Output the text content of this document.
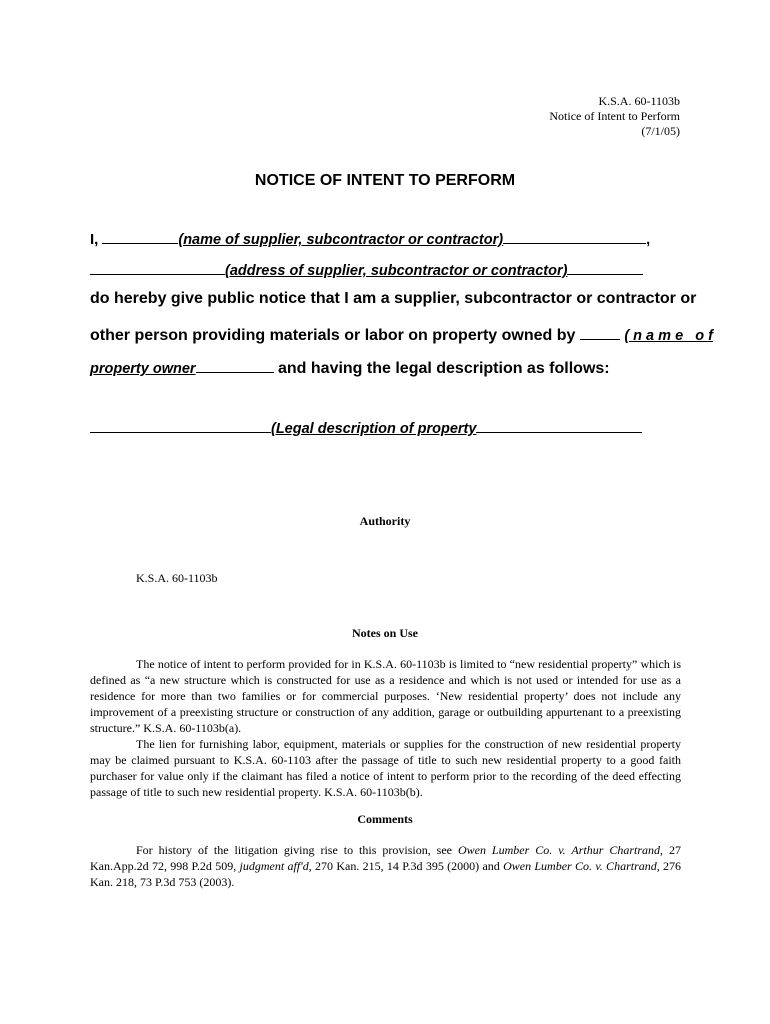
K.S.A. 60-1103b
Notice of Intent to Perform
(7/1/05)
NOTICE OF INTENT TO PERFORM
I,	(name of supplier, subcontractor or contractor)	,
(address of supplier, subcontractor or contractor)
do hereby give public notice that I am a supplier, subcontractor or contractor or
other person providing materials or labor on property owned by	( n a m e   o f
property owner	and having the legal description as follows:
(Legal description of property
Authority
K.S.A. 60-1103b
Notes on Use

The notice of intent to perform provided for in K.S.A. 60-1103b is limited to “new residential property” which is defined as “a new structure which is constructed for use as a residence and which is not used or intended for use as a residence for more than two families or for commercial purposes. ‘New residential property’ does not include any improvement of a preexisting structure or construction of any addition, garage or outbuilding appurtenant to a preexisting structure.” K.S.A. 60-1103b(a).

The lien for furnishing labor, equipment, materials or supplies for the construction of new residential property may be claimed pursuant to K.S.A. 60-1103 after the passage of title to such new residential property to a good faith purchaser for value only if the claimant has filed a notice of intent to perform prior to the recording of the deed effecting passage of title to such new residential property. K.S.A. 60-1103b(b).

Comments

For history of the litigation giving rise to this provision, see Owen Lumber Co. v. Arthur Chartrand, 27 Kan.App.2d 72, 998 P.2d 509, judgment aff'd, 270 Kan. 215, 14 P.3d 395 (2000) and Owen Lumber Co. v. Chartrand, 276 Kan. 218, 73 P.3d 753 (2003).
